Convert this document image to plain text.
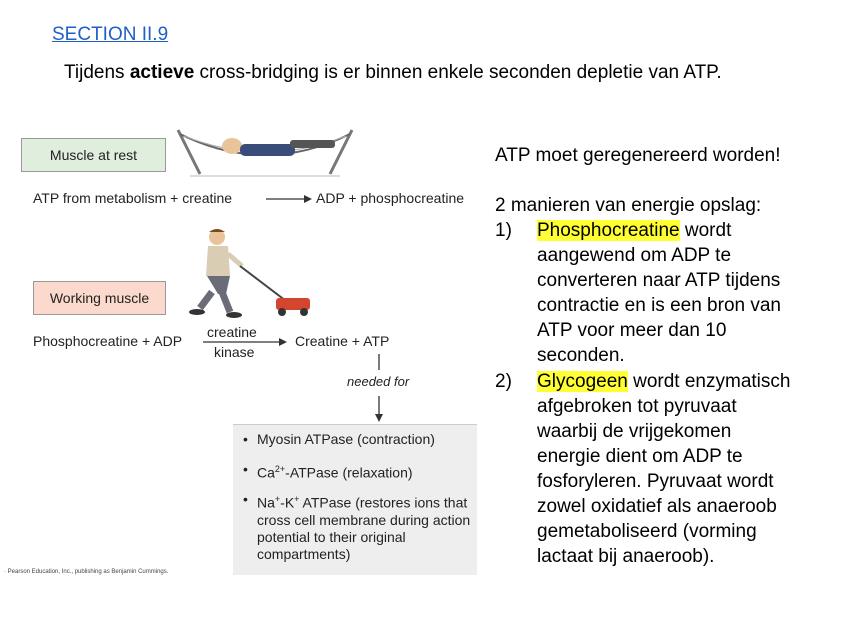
SECTION II.9
Tijdens actieve cross-bridging is er binnen enkele seconden depletie van ATP.
Muscle at rest
ATP from metabolism + creatine	ADP + phosphocreatine
Working muscle
Phosphocreatine + ADP
creatine
kinase
Creatine + ATP
needed for
• Myosin ATPase (contraction)
• $Ca^{2+}$-ATPase (relaxation)
• Na+-K+ ATPase (restores ions that cross cell membrane during action potential to their original compartments)
· Pearson Education, Inc., publishing as Benjamin Cummings.
ATP moet geregenereerd worden!
2 manieren van energie opslag:
1) Phosphocreatine wordt
aangewend om ADP te
converteren naar ATP tijdens
contractie en is een bron van
ATP voor meer dan 10
seconden.
2) Glycogeen wordt enzymatisch
afgebroken tot pyruvaat
waarbij de vrijgekomen
energie dient om ADP te
fosforyleren. Pyruvaat wordt
zowel oxidatief als anaeroob
gemetaboliseerd (vorming
lactaat bij anaeroob).
